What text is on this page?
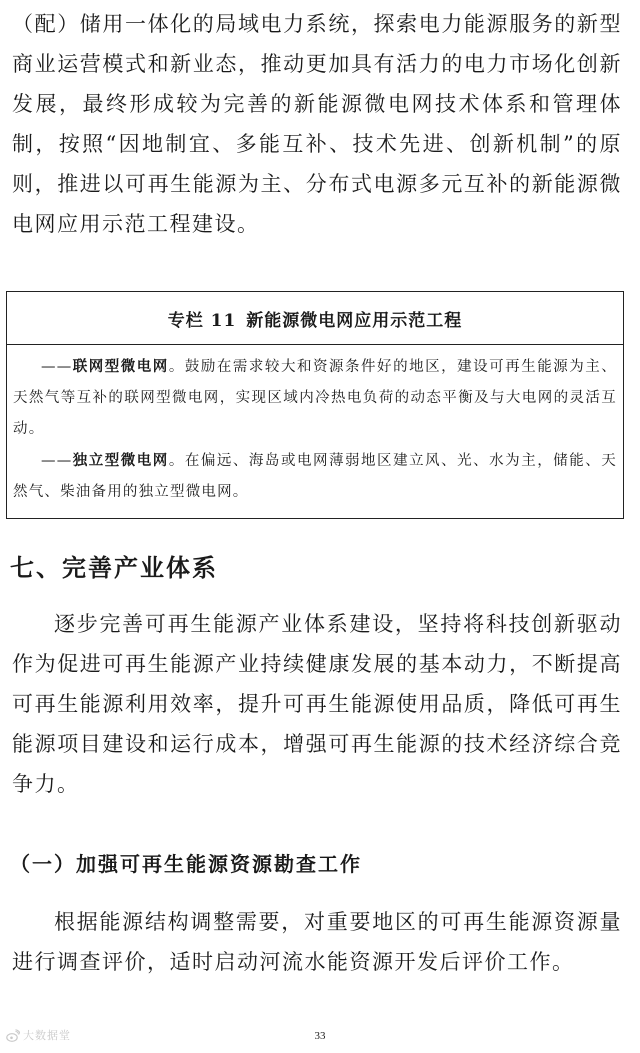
（配）储用一体化的局域电力系统，探索电力能源服务的新型商业运营模式和新业态，推动更加具有活力的电力市场化创新发展，最终形成较为完善的新能源微电网技术体系和管理体制，按照“因地制宜、多能互补、技术先进、创新机制”的原则，推进以可再生能源为主、分布式电源多元互补的新能源微电网应用示范工程建设。

专栏 11 新能源微电网应用示范工程

——联网型微电网。鼓励在需求较大和资源条件好的地区，建设可再生能源为主、天然气等互补的联网型微电网，实现区域内冷热电负荷的动态平衡及与大电网的灵活互动。

——独立型微电网。在偏远、海岛或电网薄弱地区建立风、光、水为主，储能、天然气、柴油备用的独立型微电网。

七、完善产业体系

逐步完善可再生能源产业体系建设，坚持将科技创新驱动作为促进可再生能源产业持续健康发展的基本动力，不断提高可再生能源利用效率，提升可再生能源使用品质，降低可再生能源项目建设和运行成本，增强可再生能源的技术经济综合竞争力。

（一）加强可再生能源资源勘查工作

根据能源结构调整需要，对重要地区的可再生能源资源量进行调查评价，适时启动河流水能资源开发后评价工作。

大数据堂	33
